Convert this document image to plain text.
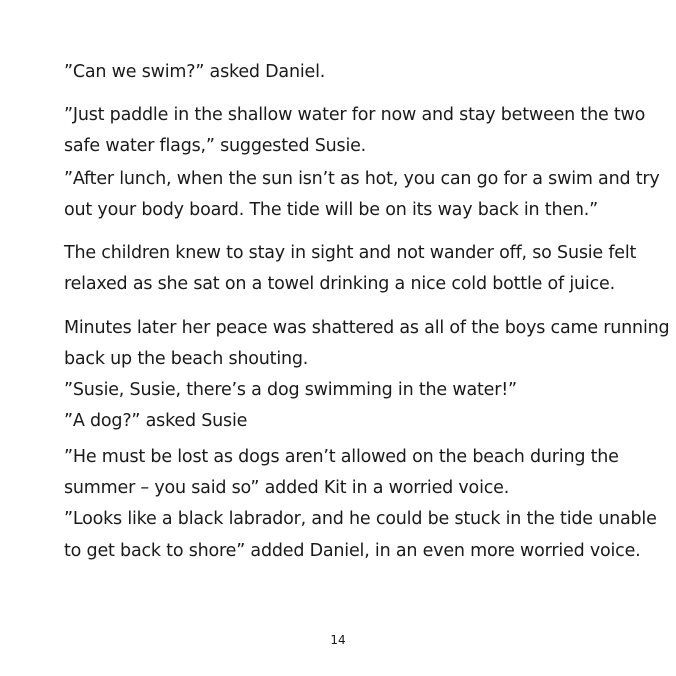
”Can we swim?” asked Daniel.
”Just paddle in the shallow water for now and stay between the two
safe water flags,” suggested Susie.
”After lunch, when the sun isn’t as hot, you can go for a swim and try
out your body board. The tide will be on its way back in then.”
The children knew to stay in sight and not wander off, so Susie felt
relaxed as she sat on a towel drinking a nice cold bottle of juice.
Minutes later her peace was shattered as all of the boys came running
back up the beach shouting.
”Susie, Susie, there’s a dog swimming in the water!”
”A dog?” asked Susie
”He must be lost as dogs aren’t allowed on the beach during the
summer – you said so” added Kit in a worried voice.
”Looks like a black labrador, and he could be stuck in the tide unable
to get back to shore” added Daniel, in an even more worried voice.
14
